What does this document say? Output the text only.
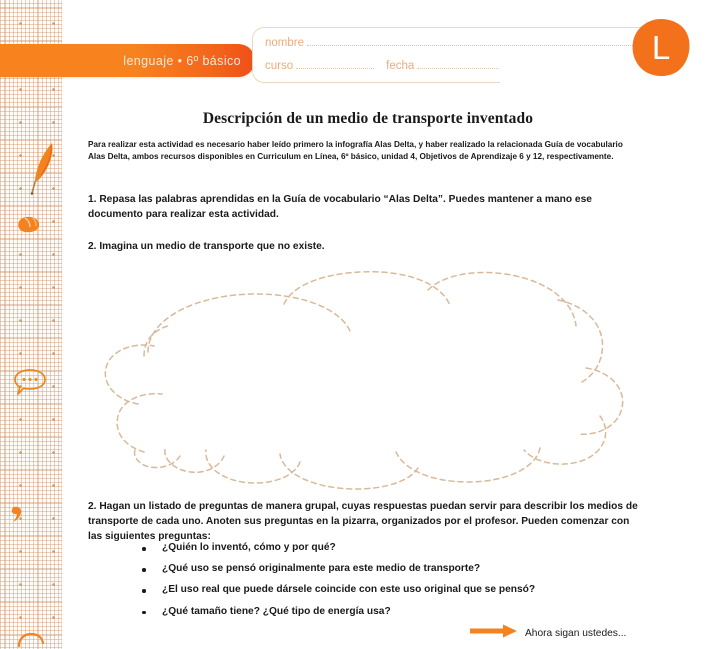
lenguaje • 6º básico
nombre
curso	fecha
L
Descripción de un medio de transporte inventado
Para realizar esta actividad es necesario haber leído primero la infografía Alas Delta, y haber realizado la relacionada Guía de vocabulario Alas Delta, ambos recursos disponibles en Curriculum en Línea, 6º básico, unidad 4, Objetivos de Aprendizaje 6 y 12, respectivamente.
1. Repasa las palabras aprendidas en la Guía de vocabulario “Alas Delta”. Puedes mantener a mano ese documento para realizar esta actividad.
2. Imagina un medio de transporte que no existe.
2. Hagan un listado de preguntas de manera grupal, cuyas respuestas puedan servir para describir los medios de transporte de cada uno. Anoten sus preguntas en la pizarra, organizados por el profesor. Pueden comenzar con las siguientes preguntas:
¿Quién lo inventó, cómo y por qué?
¿Qué uso se pensó originalmente para este medio de transporte?
¿El uso real que puede dársele coincide con este uso original que se pensó?
¿Qué tamaño tiene? ¿Qué tipo de energía usa?
Ahora sigan ustedes...
